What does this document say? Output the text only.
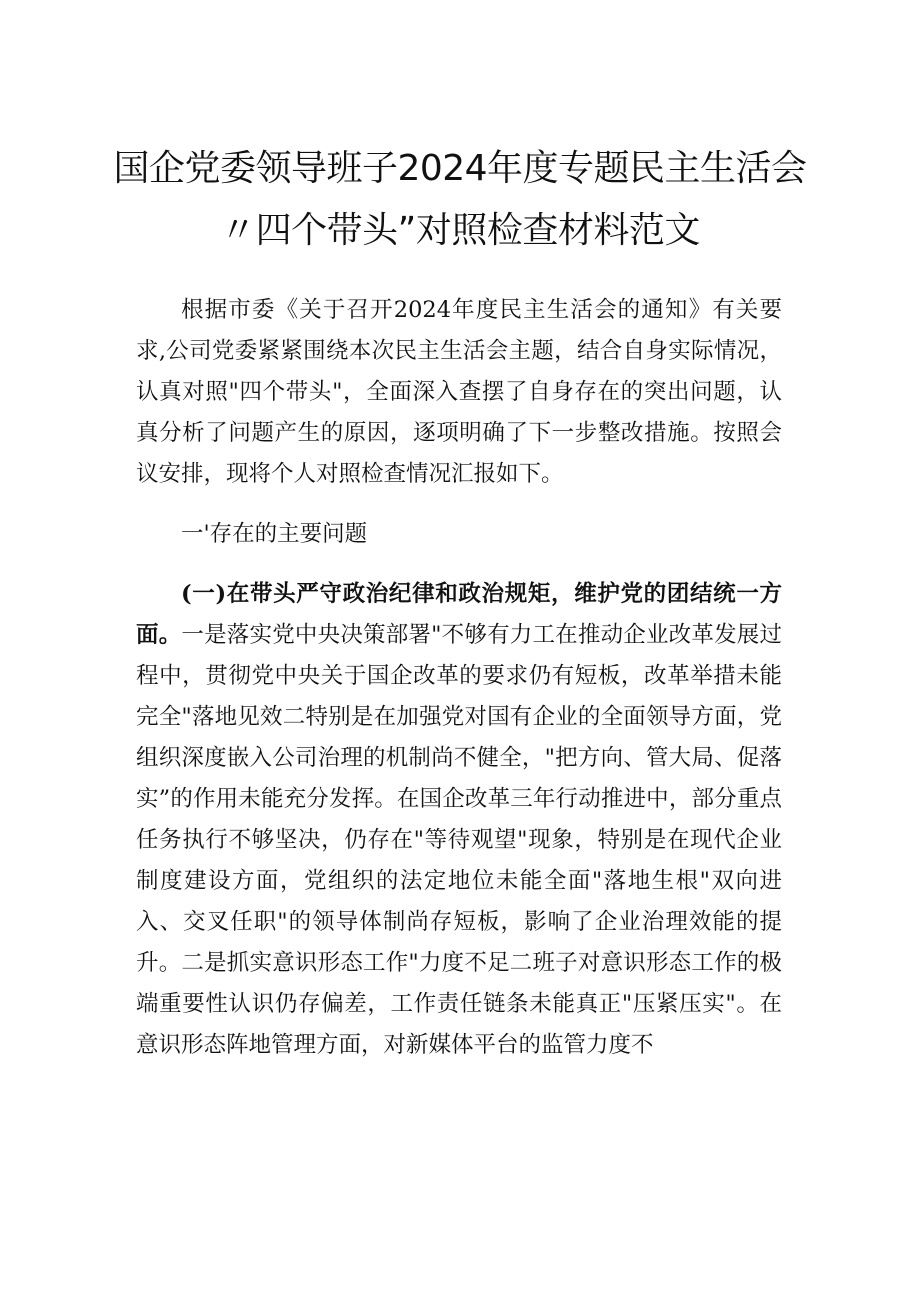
国企党委领导班子2024年度专题民主生活会
〃四个带头”对照检查材料范文

根据市委《关于召开2024年度民主生活会的通知》有关要求,公司党委紧紧围绕本次民主生活会主题，结合自身实际情况，认真对照"四个带头"，全面深入查摆了自身存在的突出问题，认真分析了问题产生的原因，逐项明确了下一步整改措施。按照会议安排，现将个人对照检查情况汇报如下。

一'存在的主要问题

(一)在带头严守政治纪律和政治规矩，维护党的团结统一方面。一是落实党中央决策部署"不够有力工在推动企业改革发展过程中，贯彻党中央关于国企改革的要求仍有短板，改革举措未能完全"落地见效二特别是在加强党对国有企业的全面领导方面，党组织深度嵌入公司治理的机制尚不健全，"把方向、管大局、促落实”的作用未能充分发挥。在国企改革三年行动推进中，部分重点任务执行不够坚决，仍存在"等待观望"现象，特别是在现代企业制度建设方面，党组织的法定地位未能全面"落地生根"双向进入、交叉任职"的领导体制尚存短板，影响了企业治理效能的提升。二是抓实意识形态工作"力度不足二班子对意识形态工作的极端重要性认识仍存偏差，工作责任链条未能真正"压紧压实"。在意识形态阵地管理方面，对新媒体平台的监管力度不
